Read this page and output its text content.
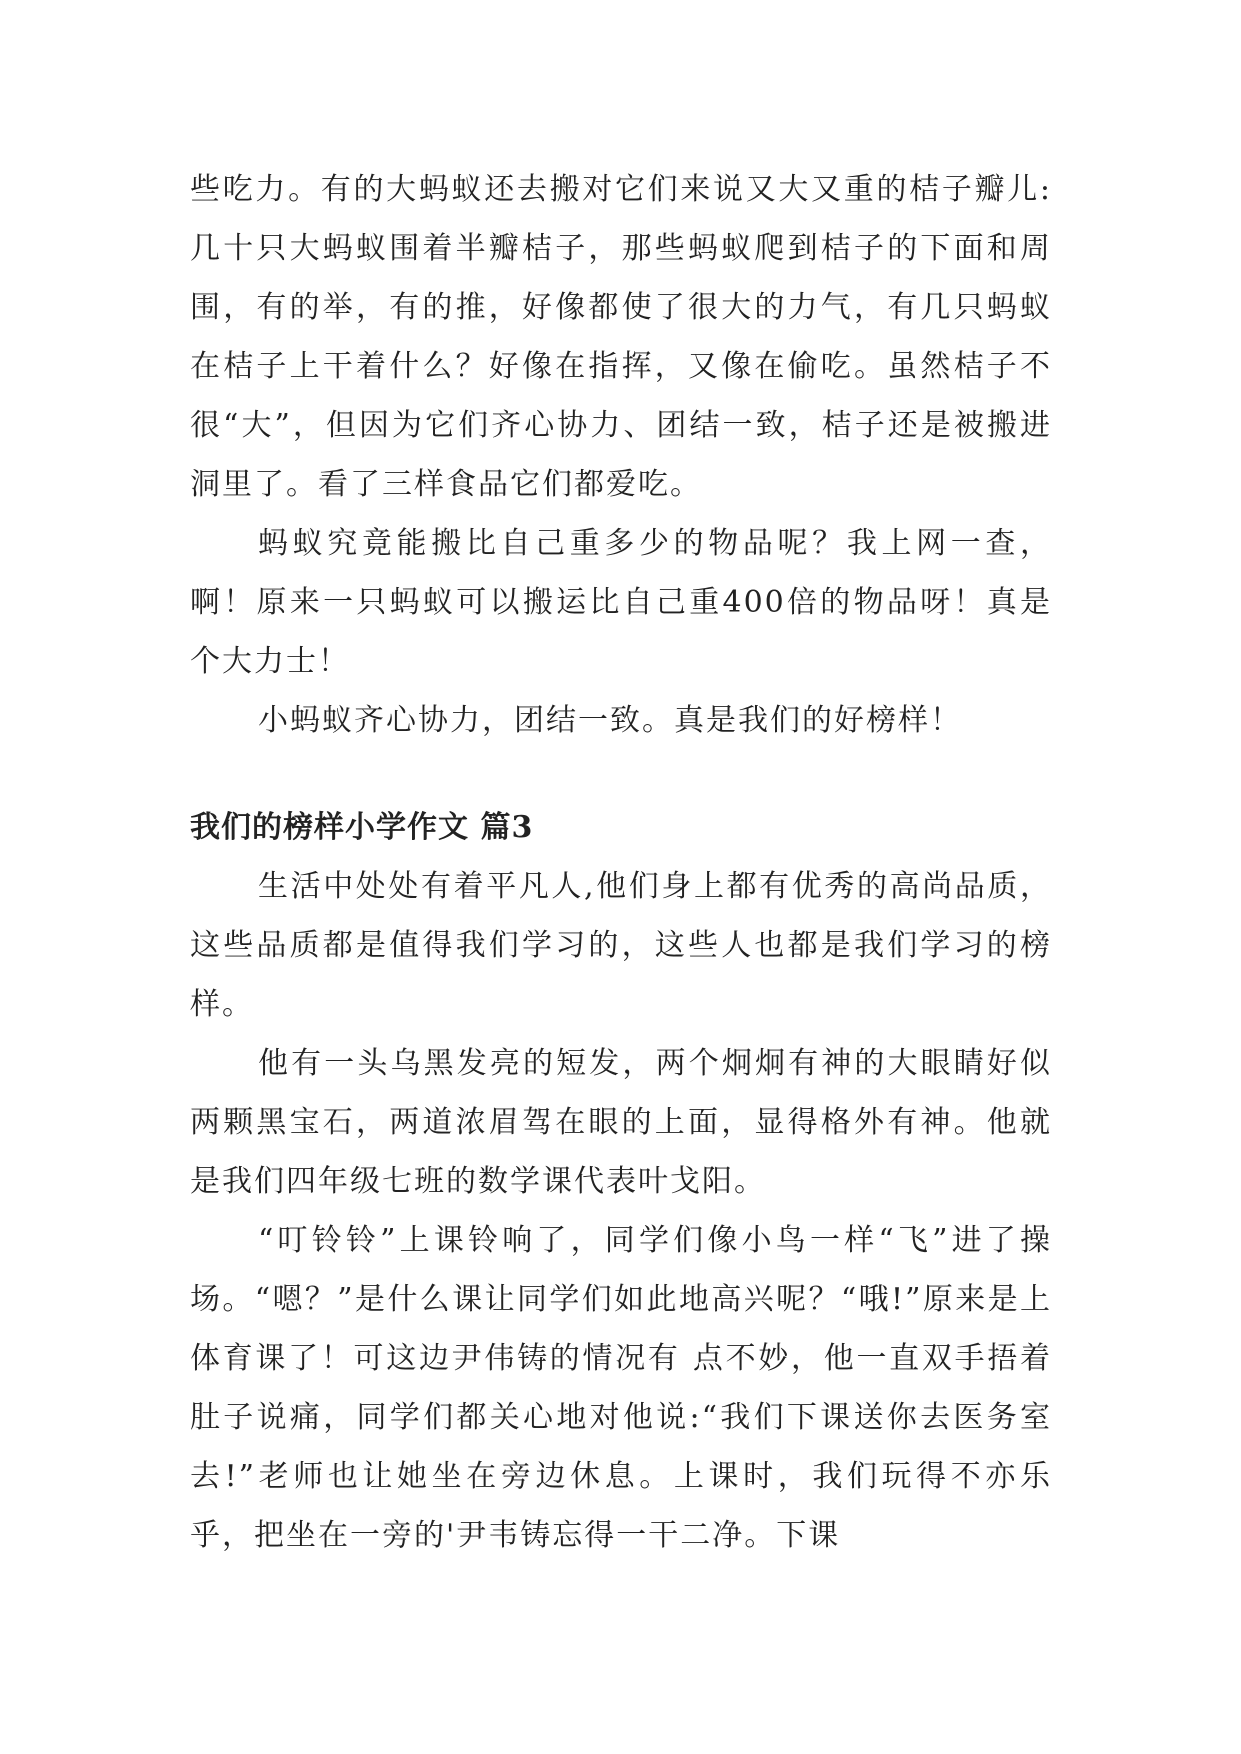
些吃力。有的大蚂蚁还去搬对它们来说又大又重的桔子瓣儿:几十只大蚂蚁围着半瓣桔子，那些蚂蚁爬到桔子的下面和周围，有的举，有的推，好像都使了很大的力气，有几只蚂蚁在桔子上干着什么？好像在指挥，又像在偷吃。虽然桔子不很“大”，但因为它们齐心协力、团结一致，桔子还是被搬进洞里了。看了三样食品它们都爱吃。

蚂蚁究竟能搬比自己重多少的物品呢？我上网一查，啊！原来一只蚂蚁可以搬运比自己重400倍的物品呀！真是个大力士！

小蚂蚁齐心协力，团结一致。真是我们的好榜样！

我们的榜样小学作文 篇3

生活中处处有着平凡人,他们身上都有优秀的高尚品质，这些品质都是值得我们学习的，这些人也都是我们学习的榜样。

他有一头乌黑发亮的短发，两个炯炯有神的大眼睛好似两颗黑宝石，两道浓眉驾在眼的上面，显得格外有神。他就是我们四年级七班的数学课代表叶戈阳。

“叮铃铃”上课铃响了，同学们像小鸟一样“飞”进了操场。“嗯？”是什么课让同学们如此地高兴呢？“哦!”原来是上体育课了！可这边尹伟铸的情况有 点不妙，他一直双手捂着肚子说痛，同学们都关心地对他说:“我们下课送你去医务室去!”老师也让她坐在旁边休息。上课时，我们玩得不亦乐乎，把坐在一旁的'尹韦铸忘得一干二净。下课
